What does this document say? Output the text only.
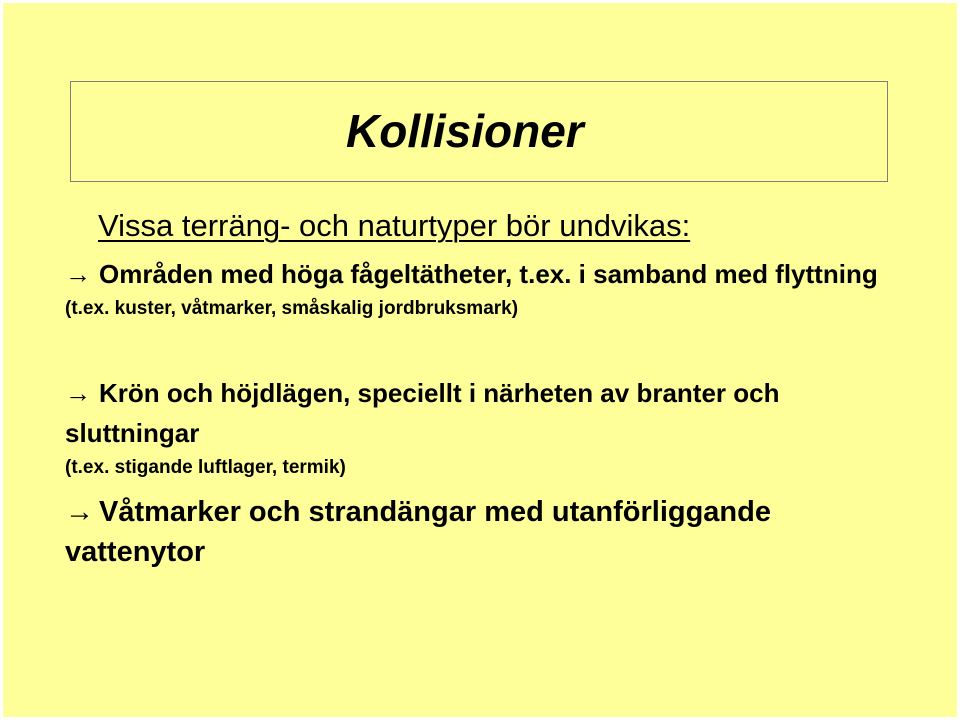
Kollisioner
Vissa terräng- och naturtyper bör undvikas:

→ Områden med höga fågeltätheter, t.ex. i samband med flyttning

(t.ex. kuster, våtmarker, småskalig jordbruksmark)

→ Krön och höjdlägen, speciellt i närheten av branter och sluttningar

(t.ex. stigande luftlager, termik)

→ Våtmarker och strandängar med utanförliggande vattenytor
